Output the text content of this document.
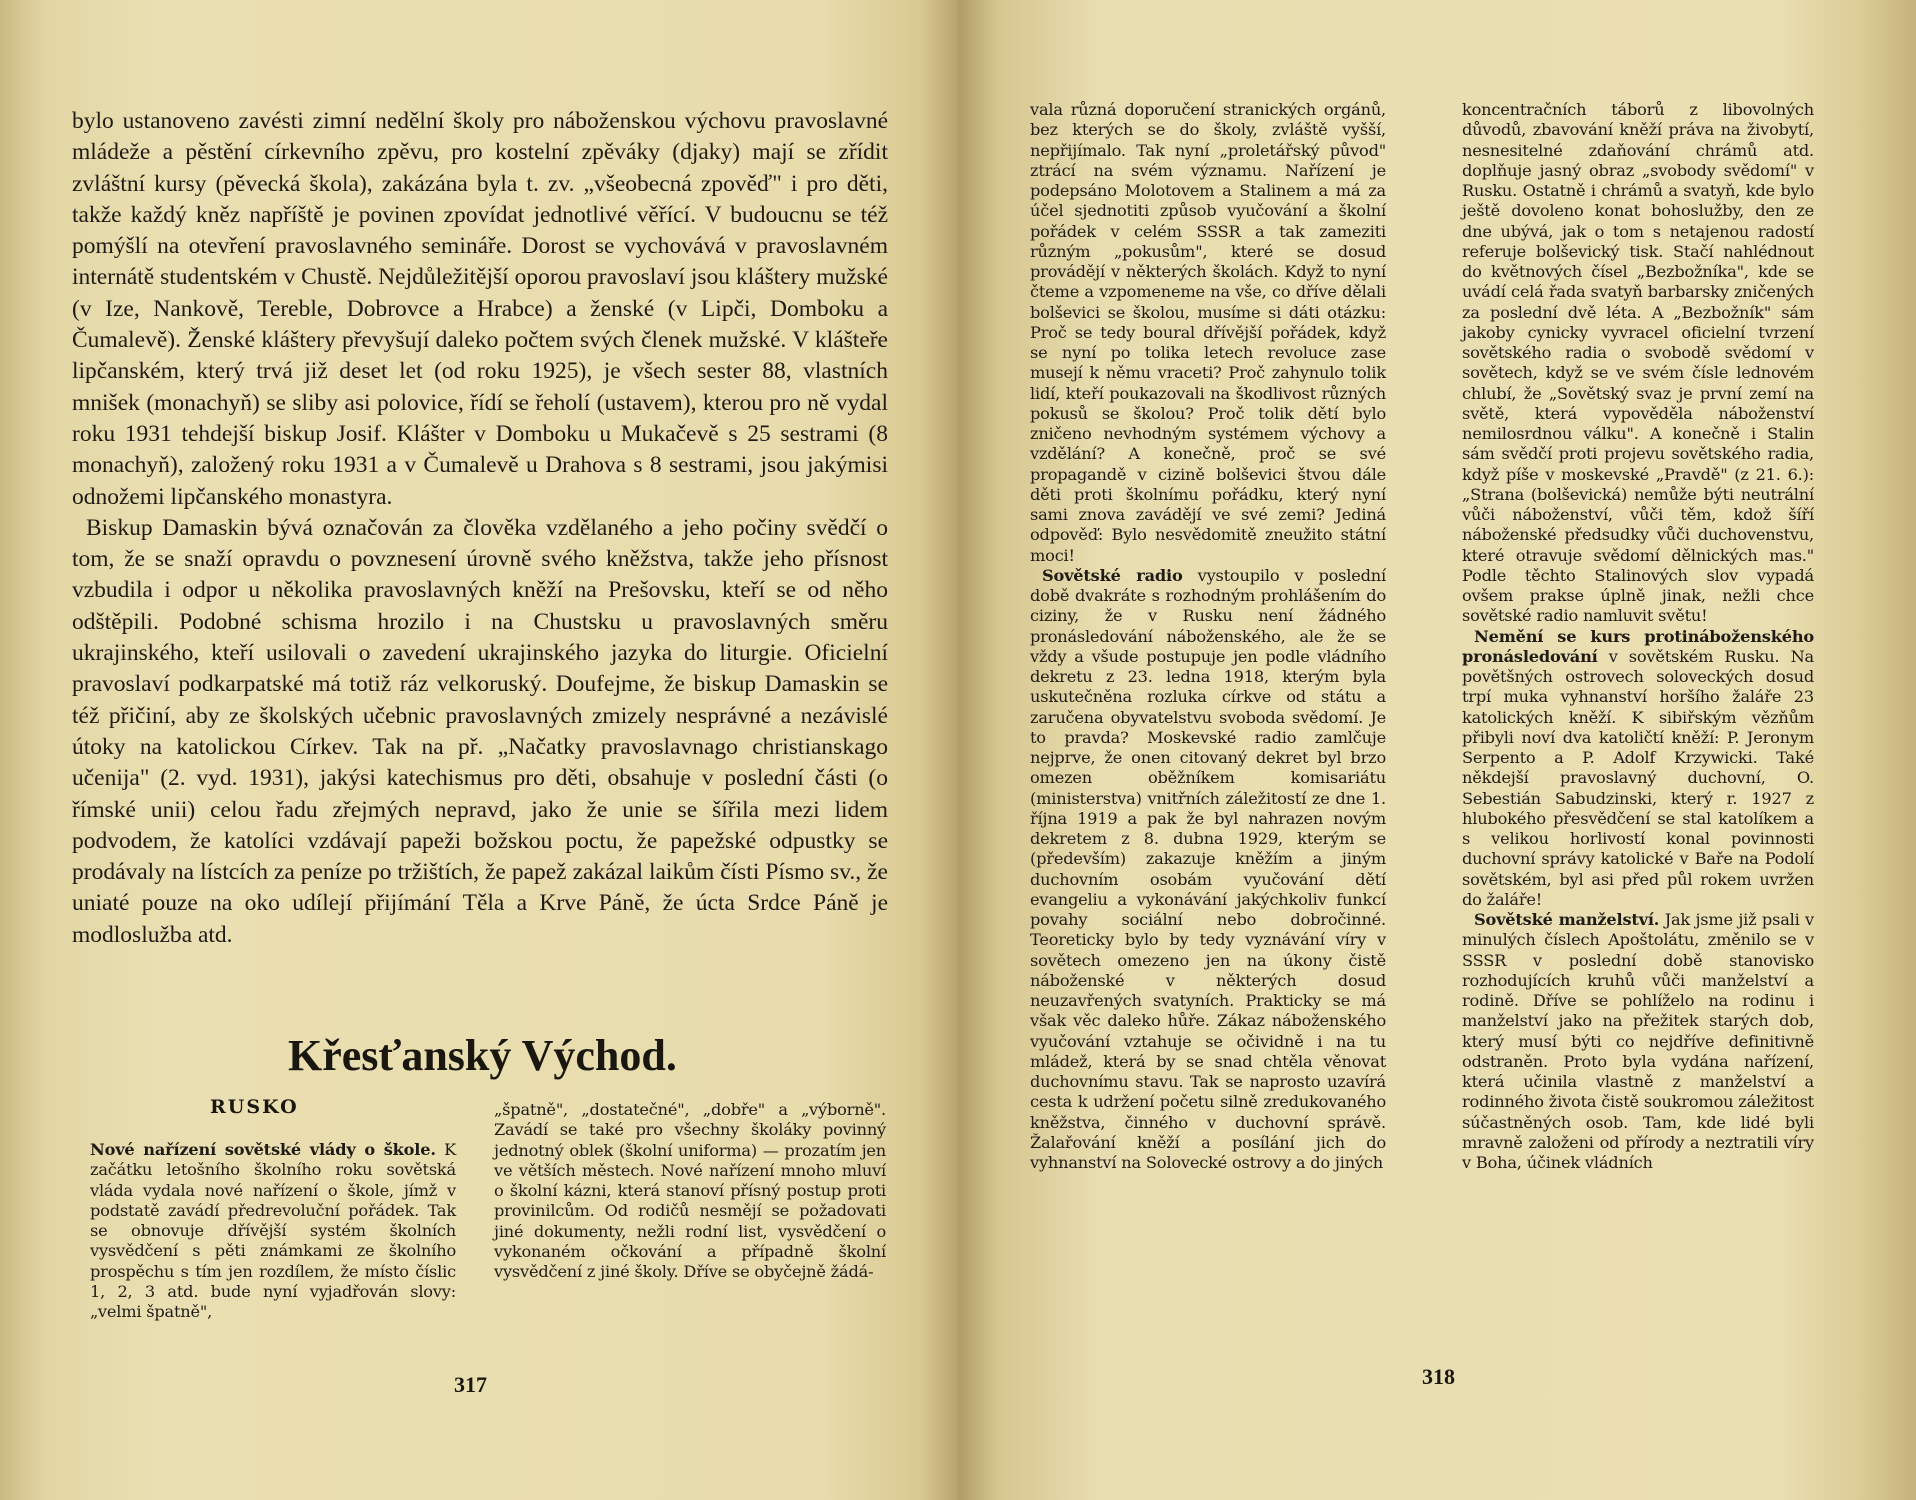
bylo ustanoveno zavésti zimní nedělní školy pro náboženskou výchovu pravoslavné mládeže a pěstění církevního zpěvu, pro kostelní zpěváky (djaky) mají se zřídit zvláštní kursy (pěvecká škola), zakázána byla t. zv. „všeobecná zpověď" i pro děti, takže každý kněz napříště je povinen zpovídat jednotlivé věřící. V budoucnu se též pomýšlí na otevření pravoslavného semináře. Dorost se vychovává v pravoslavném internátě studentském v Chustě. Nejdůležitější oporou pravoslaví jsou kláštery mužské (v Ize, Nankově, Tereble, Dobrovce a Hrabce) a ženské (v Lipči, Domboku a Čumalevě). Ženské kláštery převyšují daleko počtem svých členek mužské. V klášteře lipčanském, který trvá již deset let (od roku 1925), je všech sester 88, vlastních mnišek (monachyň) se sliby asi polovice, řídí se řeholí (ustavem), kterou pro ně vydal roku 1931 tehdejší biskup Josif. Klášter v Domboku u Mukačevě s 25 sestrami (8 monachyň), založený roku 1931 a v Čumalevě u Drahova s 8 sestrami, jsou jakýmisi odnožemi lipčanského monastyra.

Biskup Damaskin bývá označován za člověka vzdělaného a jeho počiny svědčí o tom, že se snaží opravdu o povznesení úrovně svého kněžstva, takže jeho přísnost vzbudila i odpor u několika pravoslavných kněží na Prešovsku, kteří se od něho odštěpili. Podobné schisma hrozilo i na Chustsku u pravoslavných směru ukrajinského, kteří usilovali o zavedení ukrajinského jazyka do liturgie. Oficielní pravoslaví podkarpatské má totiž ráz velkoruský. Doufejme, že biskup Damaskin se též přičiní, aby ze školských učebnic pravoslavných zmizely nesprávné a nezávislé útoky na katolickou Církev. Tak na př. „Načatky pravoslavnago christianskago učenija" (2. vyd. 1931), jakýsi katechismus pro děti, obsahuje v poslední části (o římské unii) celou řadu zřejmých nepravd, jako že unie se šířila mezi lidem podvodem, že katolíci vzdávají papeži božskou poctu, že papežské odpustky se prodávaly na lístcích za peníze po tržištích, že papež zakázal laikům čísti Písmo sv., že uniaté pouze na oko udílejí přijímání Těla a Krve Páně, že úcta Srdce Páně je modloslužba atd.

Křesťanský Východ.
RUSKO

Nové nařízení sovětské vlády o škole. K začátku letošního školního roku sovětská vláda vydala nové nařízení o škole, jímž v podstatě zavádí předrevoluční pořádek. Tak se obnovuje dřívější systém školních vysvědčení s pěti známkami ze školního prospěchu s tím jen rozdílem, že místo číslic 1, 2, 3 atd. bude nyní vyjadřován slovy: „velmi špatně",

„špatně", „dostatečné", „dobře" a „výborně". Zavádí se také pro všechny školáky povinný jednotný oblek (školní uniforma) — prozatím jen ve větších městech. Nové nařízení mnoho mluví o školní kázni, která stanoví přísný postup proti provinilcům. Od rodičů nesmějí se požadovati jiné dokumenty, nežli rodní list, vysvědčení o vykonaném očkování a případně školní vysvědčení z jiné školy. Dříve se obyčejně žádá-

317

vala různá doporučení stranických orgánů, bez kterých se do školy, zvláště vyšší, nepřijímalo. Tak nyní „proletářský původ" ztrácí na svém významu. Nařízení je podepsáno Molotovem a Stalinem a má za účel sjednotiti způsob vyučování a školní pořádek v celém SSSR a tak zameziti různým „pokusům", které se dosud provádějí v některých školách. Když to nyní čteme a vzpomeneme na vše, co dříve dělali bolševici se školou, musíme si dáti otázku: Proč se tedy boural dřívější pořádek, když se nyní po tolika letech revoluce zase musejí k němu vraceti? Proč zahynulo tolik lidí, kteří poukazovali na škodlivost různých pokusů se školou? Proč tolik dětí bylo zničeno nevhodným systémem výchovy a vzdělání? A konečně, proč se své propagandě v cizině bolševici štvou dále děti proti školnímu pořádku, který nyní sami znova zavádějí ve své zemi? Jediná odpověď: Bylo nesvědomitě zneužito státní moci!

Sovětské radio vystoupilo v poslední době dvakráte s rozhodným prohlášením do ciziny, že v Rusku není žádného pronásledování náboženského, ale že se vždy a všude postupuje jen podle vládního dekretu z 23. ledna 1918, kterým byla uskutečněna rozluka církve od státu a zaručena obyvatelstvu svoboda svědomí. Je to pravda? Moskevské radio zamlčuje nejprve, že onen citovaný dekret byl brzo omezen oběžníkem komisariátu (ministerstva) vnitřních záležitostí ze dne 1. října 1919 a pak že byl nahrazen novým dekretem z 8. dubna 1929, kterým se (především) zakazuje kněžím a jiným duchovním osobám vyučování dětí evangeliu a vykonávání jakýchkoliv funkcí povahy sociální nebo dobročinné. Teoreticky bylo by tedy vyznávání víry v sovětech omezeno jen na úkony čistě náboženské v některých dosud neuzavřených svatyních. Prakticky se má však věc daleko hůře. Zákaz náboženského vyučování vztahuje se očividně i na tu mládež, která by se snad chtěla věnovat duchovnímu stavu. Tak se naprosto uzavírá cesta k udržení početu silně zredukovaného kněžstva, činného v duchovní správě. Žalařování kněží a posílání jich do vyhnanství na Solovecké ostrovy a do jiných

koncentračních táborů z libovolných důvodů, zbavování kněží práva na živobytí, nesnesitelné zdaňování chrámů atd. doplňuje jasný obraz „svobody svědomí" v Rusku. Ostatně i chrámů a svatyň, kde bylo ještě dovoleno konat bohoslužby, den ze dne ubývá, jak o tom s netajenou radostí referuje bolševický tisk. Stačí nahlédnout do květnových čísel „Bezbožníka", kde se uvádí celá řada svatyň barbarsky zničených za poslední dvě léta. A „Bezbožník" sám jakoby cynicky vyvracel oficielní tvrzení sovětského radia o svobodě svědomí v sovětech, když se ve svém čísle lednovém chlubí, že „Sovětský svaz je první zemí na světě, která vypověděla náboženství nemilosrdnou válku". A konečně i Stalin sám svědčí proti projevu sovětského radia, když píše v moskevské „Pravdě" (z 21. 6.): „Strana (bolševická) nemůže býti neutrální vůči náboženství, vůči těm, kdož šíří náboženské předsudky vůči duchovenstvu, které otravuje svědomí dělnických mas." Podle těchto Stalinových slov vypadá ovšem prakse úplně jinak, nežli chce sovětské radio namluvit světu!

Nemění se kurs protináboženského pronásledování v sovětském Rusku. Na povětšných ostrovech soloveckých dosud trpí muka vyhnanství horšího žaláře 23 katolických kněží. K sibiřským vězňům přibyli noví dva katoličtí kněží: P. Jeronym Serpento a P. Adolf Krzywicki. Také někdejší pravoslavný duchovní, O. Sebestián Sabudzinski, který r. 1927 z hlubokého přesvědčení se stal katolíkem a s velikou horlivostí konal povinnosti duchovní správy katolické v Baře na Podolí sovětském, byl asi před půl rokem uvržen do žaláře!

Sovětské manželství. Jak jsme již psali v minulých číslech Apoštolátu, změnilo se v SSSR v poslední době stanovisko rozhodujících kruhů vůči manželství a rodině. Dříve se pohlíželo na rodinu i manželství jako na přežitek starých dob, který musí býti co nejdříve definitivně odstraněn. Proto byla vydána nařízení, která učinila vlastně z manželství a rodinného života čistě soukromou záležitost súčastněných osob. Tam, kde lidé byli mravně založeni od přírody a neztratili víry v Boha, účinek vládních

318
